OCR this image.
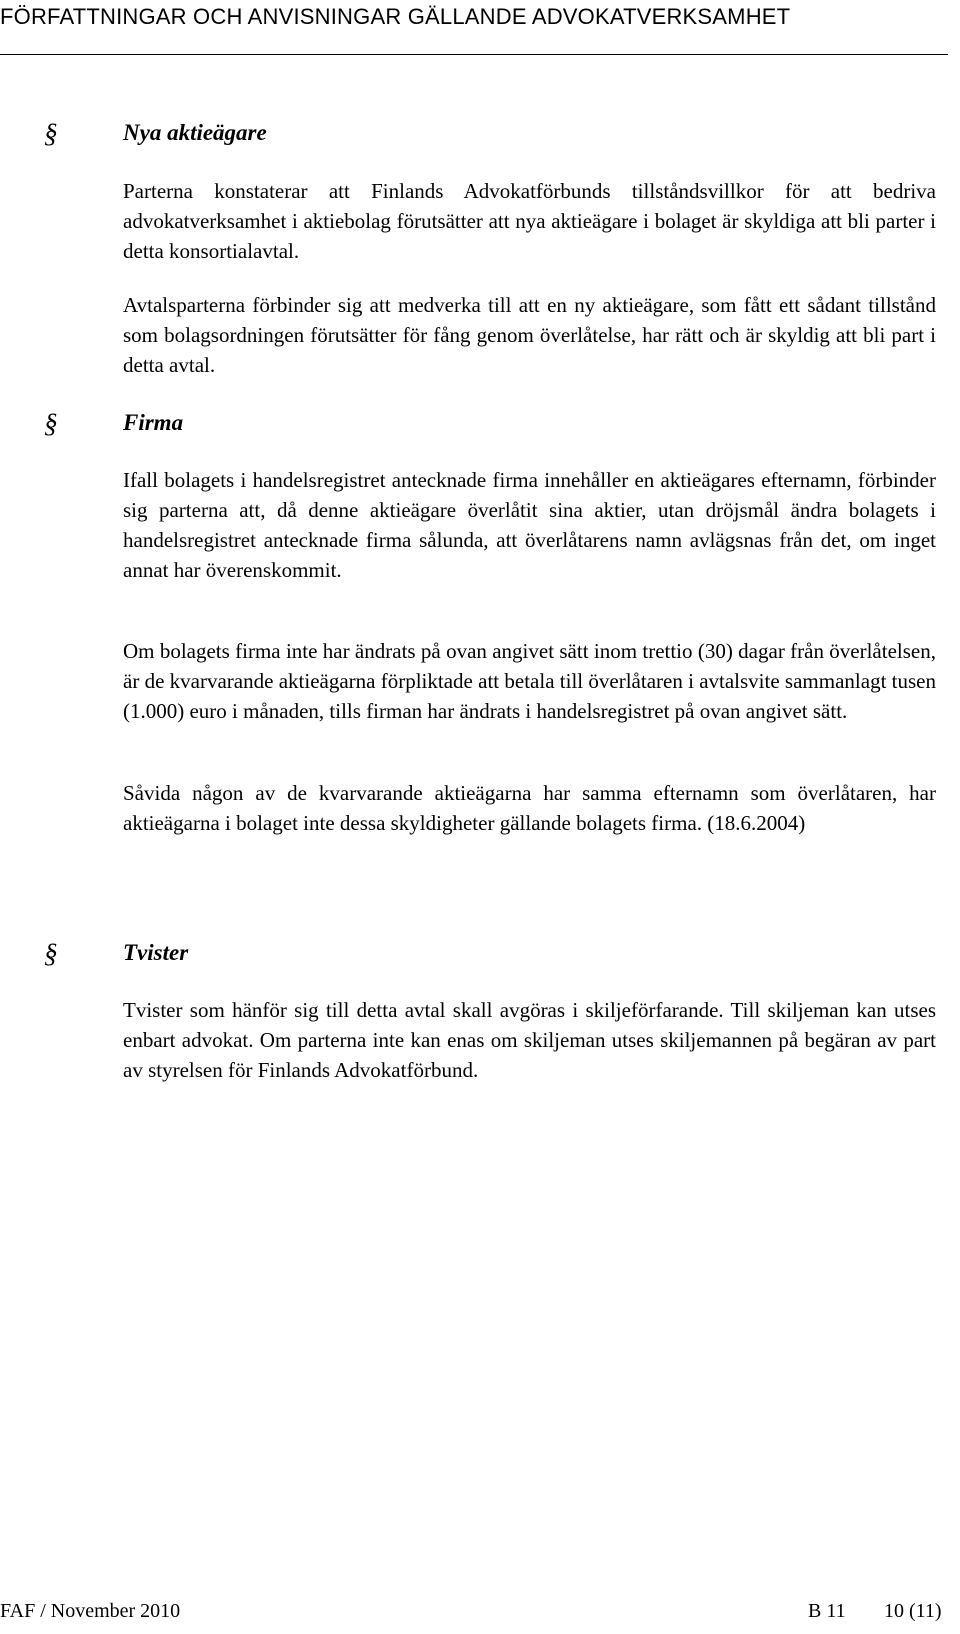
FÖRFATTNINGAR OCH ANVISNINGAR GÄLLANDE ADVOKATVERKSAMHET
§	Nya aktieägare
Parterna konstaterar att Finlands Advokatförbunds tillståndsvillkor för att bedriva advokatverksamhet i aktiebolag förutsätter att nya aktieägare i bolaget är skyldiga att bli parter i detta konsortialavtal.
Avtalsparterna förbinder sig att medverka till att en ny aktieägare, som fått ett sådant tillstånd som bolagsordningen förutsätter för fång genom överlåtelse, har rätt och är skyldig att bli part i detta avtal.
§	Firma
Ifall bolagets i handelsregistret antecknade firma innehåller en aktieägares efternamn, förbinder sig parterna att, då denne aktieägare överlåtit sina aktier, utan dröjsmål ändra bolagets i handelsregistret antecknade firma sålunda, att överlåtarens namn avlägsnas från det, om inget annat har överenskommit.
Om bolagets firma inte har ändrats på ovan angivet sätt inom trettio (30) dagar från överlåtelsen, är de kvarvarande aktieägarna förpliktade att betala till överlåtaren i avtalsvite sammanlagt tusen (1.000) euro i månaden, tills firman har ändrats i handelsregistret på ovan angivet sätt.
Såvida någon av de kvarvarande aktieägarna har samma efternamn som överlåtaren, har aktieägarna i bolaget inte dessa skyldigheter gällande bolagets firma. (18.6.2004)
§	Tvister
Tvister som hänför sig till detta avtal skall avgöras i skiljeförfarande. Till skiljeman kan utses enbart advokat. Om parterna inte kan enas om skiljeman utses skiljemannen på begäran av part av styrelsen för Finlands Advokatförbund.
FAF / November 2010	B 11 10 (11)
